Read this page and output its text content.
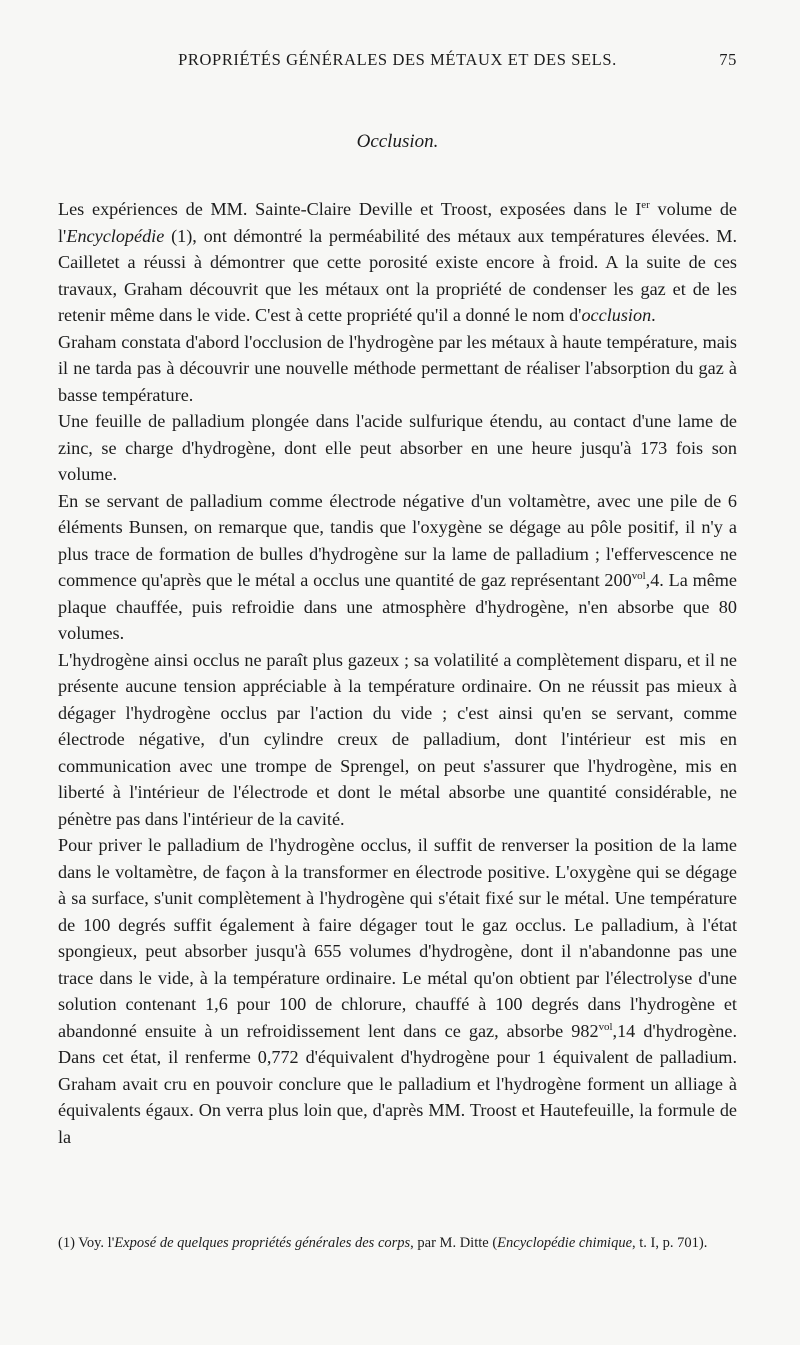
PROPRIÉTÉS GÉNÉRALES DES MÉTAUX ET DES SELS.	75
Occlusion.

Les expériences de MM. Sainte-Claire Deville et Troost, exposées dans le Ier volume de l'Encyclopédie (1), ont démontré la perméabilité des métaux aux températures élevées. M. Cailletet a réussi à démontrer que cette porosité existe encore à froid. A la suite de ces travaux, Graham découvrit que les métaux ont la propriété de condenser les gaz et de les retenir même dans le vide. C'est à cette propriété qu'il a donné le nom d'occlusion.

Graham constata d'abord l'occlusion de l'hydrogène par les métaux à haute température, mais il ne tarda pas à découvrir une nouvelle méthode permettant de réaliser l'absorption du gaz à basse température.

Une feuille de palladium plongée dans l'acide sulfurique étendu, au contact d'une lame de zinc, se charge d'hydrogène, dont elle peut absorber en une heure jusqu'à 173 fois son volume.

En se servant de palladium comme électrode négative d'un voltamètre, avec une pile de 6 éléments Bunsen, on remarque que, tandis que l'oxygène se dégage au pôle positif, il n'y a plus trace de formation de bulles d'hydrogène sur la lame de palladium ; l'effervescence ne commence qu'après que le métal a occlus une quantité de gaz représentant $200^{vol},4$. La même plaque chauffée, puis refroidie dans une atmosphère d'hydrogène, n'en absorbe que 80 volumes.

L'hydrogène ainsi occlus ne paraît plus gazeux ; sa volatilité a complètement disparu, et il ne présente aucune tension appréciable à la température ordinaire. On ne réussit pas mieux à dégager l'hydrogène occlus par l'action du vide ; c'est ainsi qu'en se servant, comme électrode négative, d'un cylindre creux de palladium, dont l'intérieur est mis en communication avec une trompe de Sprengel, on peut s'assurer que l'hydrogène, mis en liberté à l'intérieur de l'électrode et dont le métal absorbe une quantité considérable, ne pénètre pas dans l'intérieur de la cavité.

Pour priver le palladium de l'hydrogène occlus, il suffit de renverser la position de la lame dans le voltamètre, de façon à la transformer en électrode positive. L'oxygène qui se dégage à sa surface, s'unit complètement à l'hydrogène qui s'était fixé sur le métal. Une température de 100 degrés suffit également à faire dégager tout le gaz occlus. Le palladium, à l'état spongieux, peut absorber jusqu'à 655 volumes d'hydrogène, dont il n'abandonne pas une trace dans le vide, à la température ordinaire. Le métal qu'on obtient par l'électrolyse d'une solution contenant 1,6 pour 100 de chlorure, chauffé à 100 degrés dans l'hydrogène et abandonné ensuite à un refroidissement lent dans ce gaz, absorbe $982^{vol},14$ d'hydrogène. Dans cet état, il renferme 0,772 d'équivalent d'hydrogène pour 1 équivalent de palladium. Graham avait cru en pouvoir conclure que le palladium et l'hydrogène forment un alliage à équivalents égaux. On verra plus loin que, d'après MM. Troost et Hautefeuille, la formule de la

(1) Voy. l'Exposé de quelques propriétés générales des corps, par M. Ditte (Encyclopédie chimique, t. I, p. 701).
